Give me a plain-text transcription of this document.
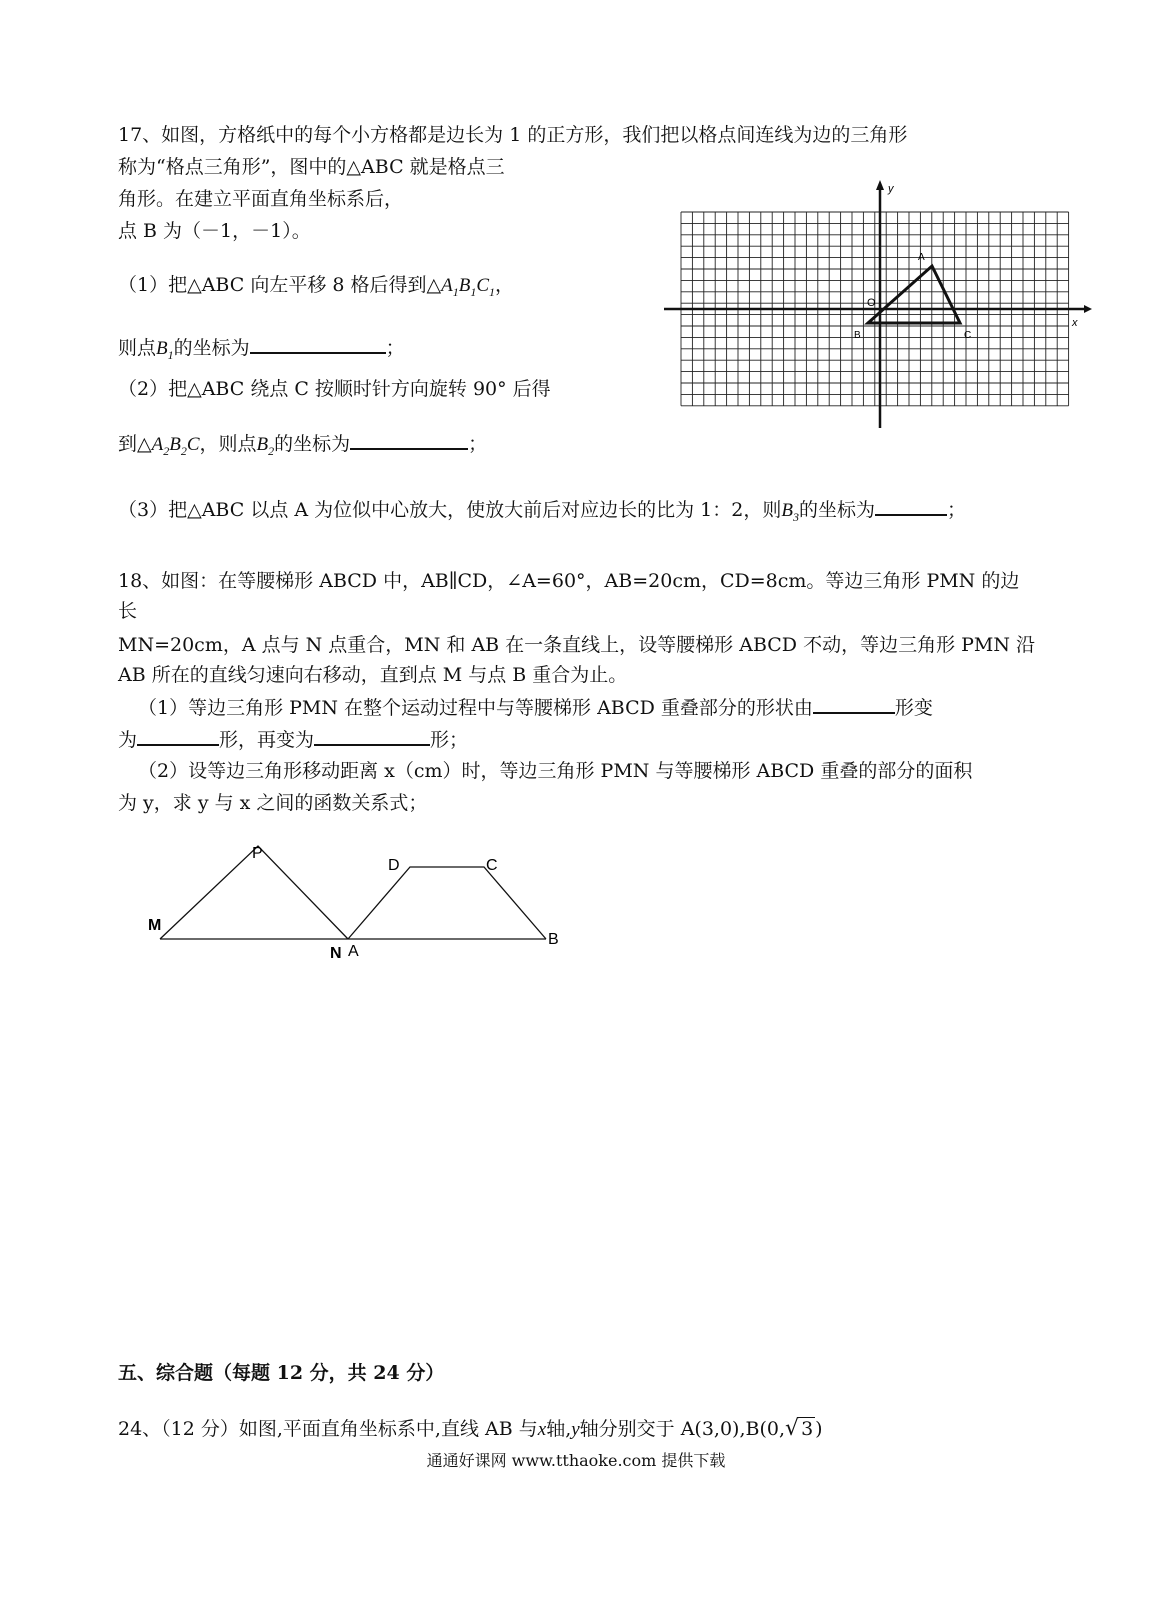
17、如图，方格纸中的每个小方格都是边长为 1 的正方形，我们把以格点间连线为边的三角形
称为“格点三角形”，图中的△ABC 就是格点三
角形。在建立平面直角坐标系后，
点 B 为（－1，－1）。
（1）把△ABC 向左平移 8 格后得到$\triangle A_1B_1C_1$，
则点$B_1$的坐标为	；
（2）把△ABC 绕点 C 按顺时针方向旋转 90° 后得
到$\triangle A_2B_2C$，则点$B_2$的坐标为	；
（3）把△ABC 以点 A 为位似中心放大，使放大前后对应边长的比为 1：2，则$B_3$的坐标为	；
y
x
O
A
B	C
18、如图：在等腰梯形 ABCD 中，AB∥CD，∠A=60°，AB=20cm，CD=8cm。等边三角形 PMN 的边
长
MN=20cm，A 点与 N 点重合，MN 和 AB 在一条直线上，设等腰梯形 ABCD 不动，等边三角形 PMN 沿
AB 所在的直线匀速向右移动，直到点 M 与点 B 重合为止。
（1）等边三角形 PMN 在整个运动过程中与等腰梯形 ABCD 重叠部分的形状由	形变
为	形，再变为	形；
（2）设等边三角形移动距离 x（cm）时，等边三角形 PMN 与等腰梯形 ABCD 重叠的部分的面积
为 y，求 y 与 x 之间的函数关系式；
P
M
N A
D	C
B
五、综合题（每题 12 分，共 24 分）
24、（12 分）如图,平面直角坐标系中,直线 AB 与x轴,y轴分别交于 A(3,0),B(0,√ 3 )
通通好课网 www.tthaoke.com 提供下载
